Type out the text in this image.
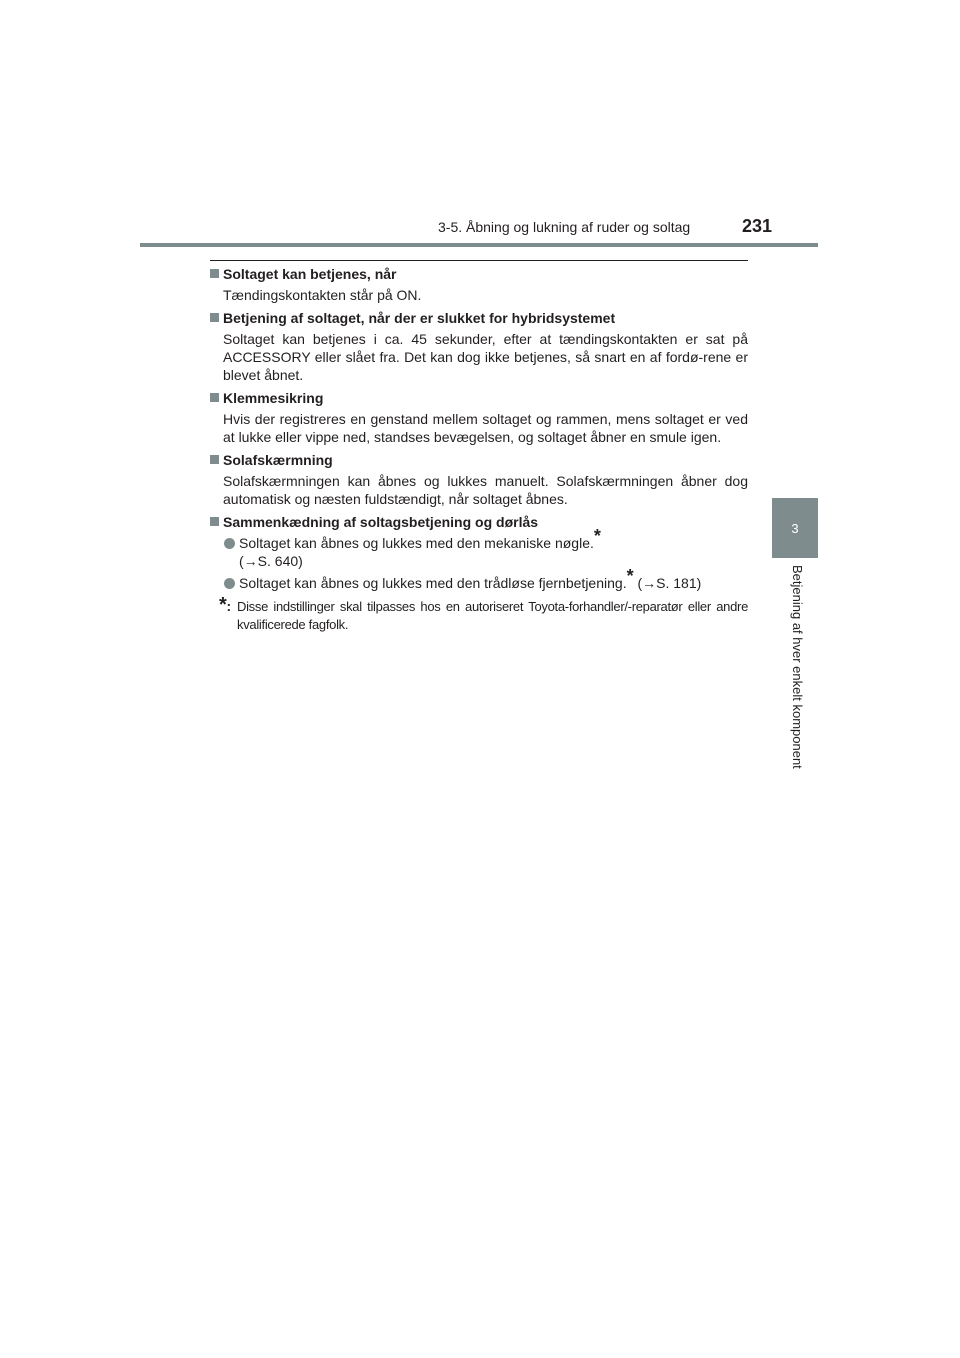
3-5. Åbning og lukning af ruder og soltag	231
3
Betjening af hver enkelt komponent
Soltaget kan betjenes, når
Tændingskontakten står på ON.
Betjening af soltaget, når der er slukket for hybridsystemet
Soltaget kan betjenes i ca. 45 sekunder, efter at tændingskontakten er sat på ACCESSORY eller slået fra. Det kan dog ikke betjenes, så snart en af fordø-rene er blevet åbnet.
Klemmesikring
Hvis der registreres en genstand mellem soltaget og rammen, mens soltaget er ved at lukke eller vippe ned, standses bevægelsen, og soltaget åbner en smule igen.
Solafskærmning
Solafskærmningen kan åbnes og lukkes manuelt. Solafskærmningen åbner dog automatisk og næsten fuldstændigt, når soltaget åbnes.
Sammenkædning af soltagsbetjening og dørlås
Soltaget kan åbnes og lukkes med den mekaniske nøgle.*
(→S. 640)
Soltaget kan åbnes og lukkes med den trådløse fjernbetjening.* (→S. 181)
*: Disse indstillinger skal tilpasses hos en autoriseret Toyota-forhandler/-reparatør eller andre kvalificerede fagfolk.
